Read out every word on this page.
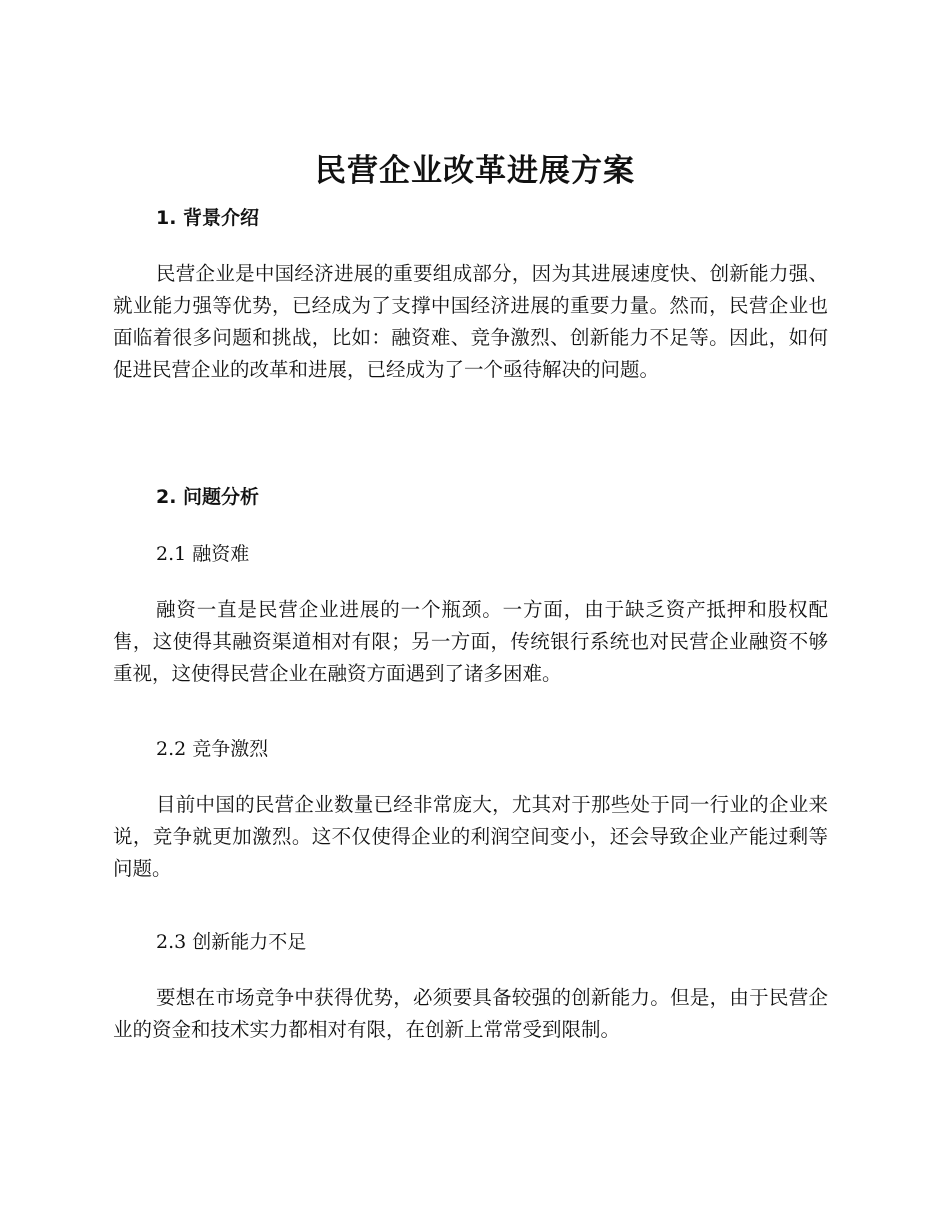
民营企业改革进展方案
1. 背景介绍

民营企业是中国经济进展的重要组成部分，因为其进展速度快、创新能力强、就业能力强等优势，已经成为了支撑中国经济进展的重要力量。然而，民营企业也面临着很多问题和挑战，比如：融资难、竞争激烈、创新能力不足等。因此，如何促进民营企业的改革和进展，已经成为了一个亟待解决的问题。

2. 问题分析
2.1 融资难

融资一直是民营企业进展的一个瓶颈。一方面，由于缺乏资产抵押和股权配售，这使得其融资渠道相对有限；另一方面，传统银行系统也对民营企业融资不够重视，这使得民营企业在融资方面遇到了诸多困难。

2.2 竞争激烈

目前中国的民营企业数量已经非常庞大，尤其对于那些处于同一行业的企业来说，竞争就更加激烈。这不仅使得企业的利润空间变小，还会导致企业产能过剩等问题。

2.3 创新能力不足

要想在市场竞争中获得优势，必须要具备较强的创新能力。但是，由于民营企业的资金和技术实力都相对有限，在创新上常常受到限制。
